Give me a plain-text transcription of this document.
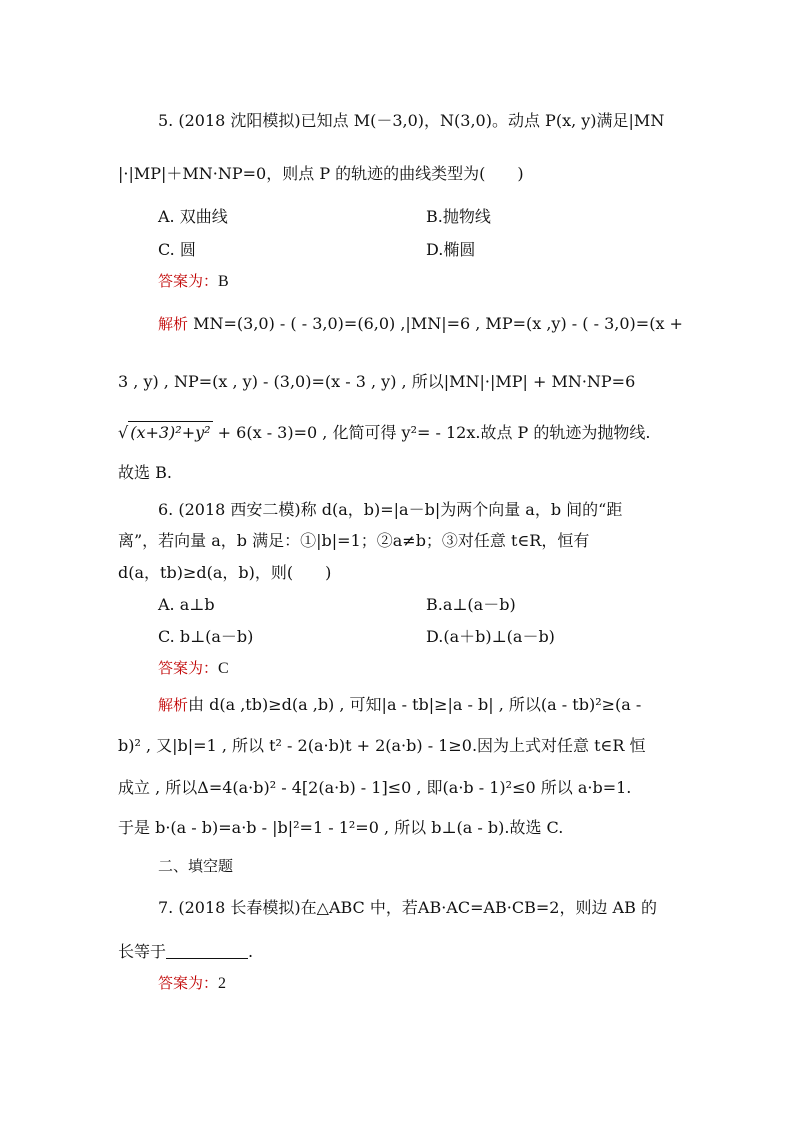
5. (2018 沈阳模拟)已知点 M(－3,0)，N(3,0)。动点 P(x, y)满足|MN
|·|MP|＋MN·NP=0，则点 P 的轨迹的曲线类型为(　　)
A. 双曲线	B.抛物线
C. 圆	D.椭圆
答案为：B
解析 MN=(3,0) - ( - 3,0)=(6,0) ,|MN|=6 , MP=(x ,y) - ( - 3,0)=(x +
3 , y) , NP=(x , y) - (3,0)=(x - 3 , y) , 所以|MN|·|MP| + MN·NP=6
√ (x+3)²+y² + 6(x - 3)=0 , 化简可得 y²= - 12x.故点 P 的轨迹为抛物线.
故选 B.
6. (2018 西安二模)称 d(a，b)=|a－b|为两个向量 a，b 间的“距
离”，若向量 a，b 满足：①|b|=1；②a≠b；③对任意 t∈R，恒有
d(a，tb)≥d(a，b)，则(　　)
A. a⊥b	B.a⊥(a－b)
C. b⊥(a－b)	D.(a＋b)⊥(a－b)
答案为：C
解析由 d(a ,tb)≥d(a ,b) , 可知|a - tb|≥|a - b| , 所以(a - tb)²≥(a -
b)² , 又|b|=1 , 所以 t² - 2(a·b)t + 2(a·b) - 1≥0.因为上式对任意 t∈R 恒
成立 , 所以Δ=4(a·b)² - 4[2(a·b) - 1]≤0 , 即(a·b - 1)²≤0 所以 a·b=1.
于是 b·(a - b)=a·b - |b|²=1 - 1²=0 , 所以 b⊥(a - b).故选 C.
二、填空题
7. (2018 长春模拟)在△ABC 中，若AB·AC=AB·CB=2，则边 AB 的
长等于	.
答案为：2
